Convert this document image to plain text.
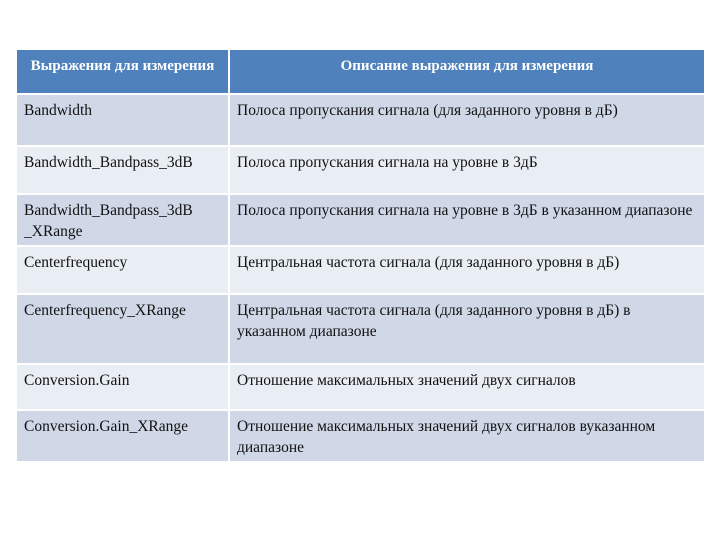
Выражения для измерения	Описание выражения для измерения
Bandwidth	Полоса пропускания сигнала (для заданного уровня в дБ)
Bandwidth_Bandpass_3dB	Полоса пропускания сигнала на уровне в 3дБ
Bandwidth_Bandpass_3dB _XRange	Полоса пропускания сигнала на уровне в 3дБ в указанном диапазоне
Centerfrequency	Центральная частота сигнала (для заданного уровня в дБ)
Centerfrequency_XRange	Центральная частота сигнала (для заданного уровня в дБ) в указанном диапазоне
Conversion.Gain	Отношение максимальных значений двух сигналов
Conversion.Gain_XRange	Отношение максимальных значений двух сигналов вуказанном диапазоне
